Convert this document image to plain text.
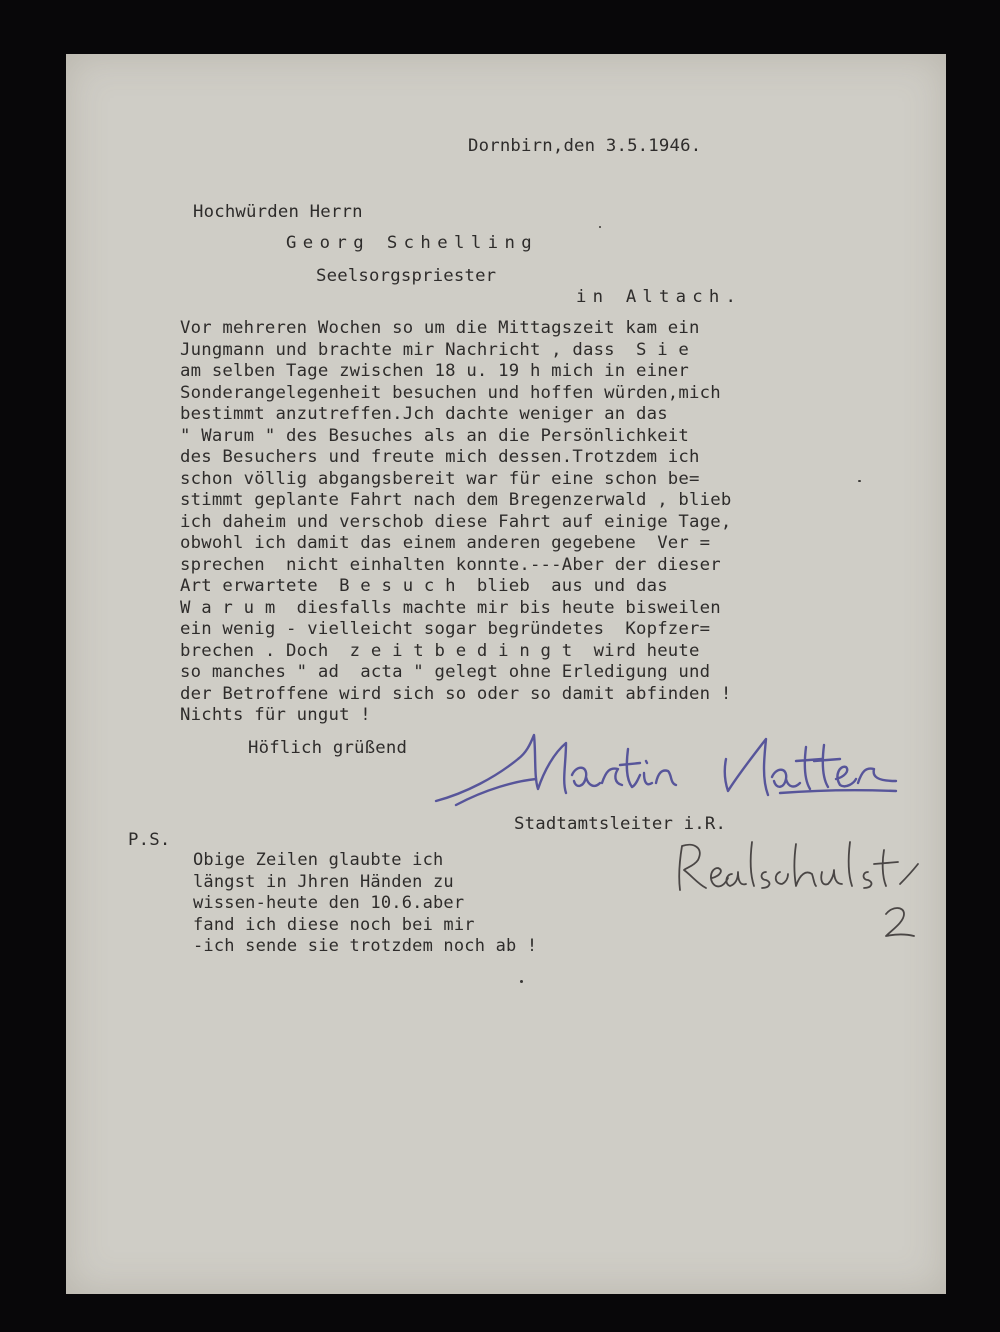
Dornbirn,den 3.5.1946.

Hochwürden Herrn

Georg Schelling

Seelsorgspriester

in Altach.

Vor mehreren Wochen so um die Mittagszeit kam ein

Jungmann und brachte mir Nachricht , dass  S i e

am selben Tage zwischen 18 u. 19 h mich in einer

Sonderangelegenheit besuchen und hoffen würden,mich

bestimmt anzutreffen.Jch dachte weniger an das

" Warum " des Besuches als an die Persönlichkeit

des Besuchers und freute mich dessen.Trotzdem ich

schon völlig abgangsbereit war für eine schon be=

stimmt geplante Fahrt nach dem Bregenzerwald , blieb

ich daheim und verschob diese Fahrt auf einige Tage,

obwohl ich damit das einem anderen gegebene  Ver =

sprechen  nicht einhalten konnte.---Aber der dieser

Art erwartete  B e s u c h  blieb  aus und das

W a r u m  diesfalls machte mir bis heute bisweilen

ein wenig - vielleicht sogar begründetes  Kopfzer=

brechen . Doch  z e i t b e d i n g t  wird heute

so manches " ad  acta " gelegt ohne Erledigung und

der Betroffene wird sich so oder so damit abfinden !

Nichts für ungut !

Höflich grüßend

Stadtamtsleiter i.R.

P.S.

Obige Zeilen glaubte ich

längst in Jhren Händen zu

wissen-heute den 10.6.aber

fand ich diese noch bei mir

-ich sende sie trotzdem noch ab !
